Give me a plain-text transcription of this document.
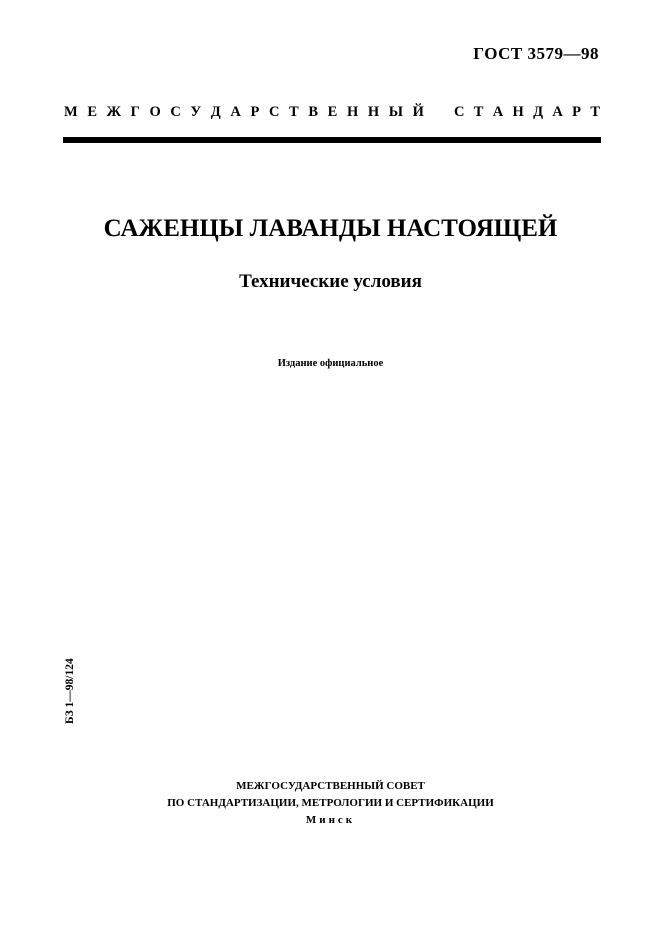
ГОСТ 3579—98
М Е Ж Г О С У Д А Р С Т В Е Н Н Ы Й С Т А Н Д А Р Т
САЖЕНЦЫ ЛАВАНДЫ НАСТОЯЩЕЙ
Технические условия
Издание официальное
БЗ 1—98/124
МЕЖГОСУДАРСТВЕННЫЙ СОВЕТ
ПО СТАНДАРТИЗАЦИИ, МЕТРОЛОГИИ И СЕРТИФИКАЦИИ
Минск
